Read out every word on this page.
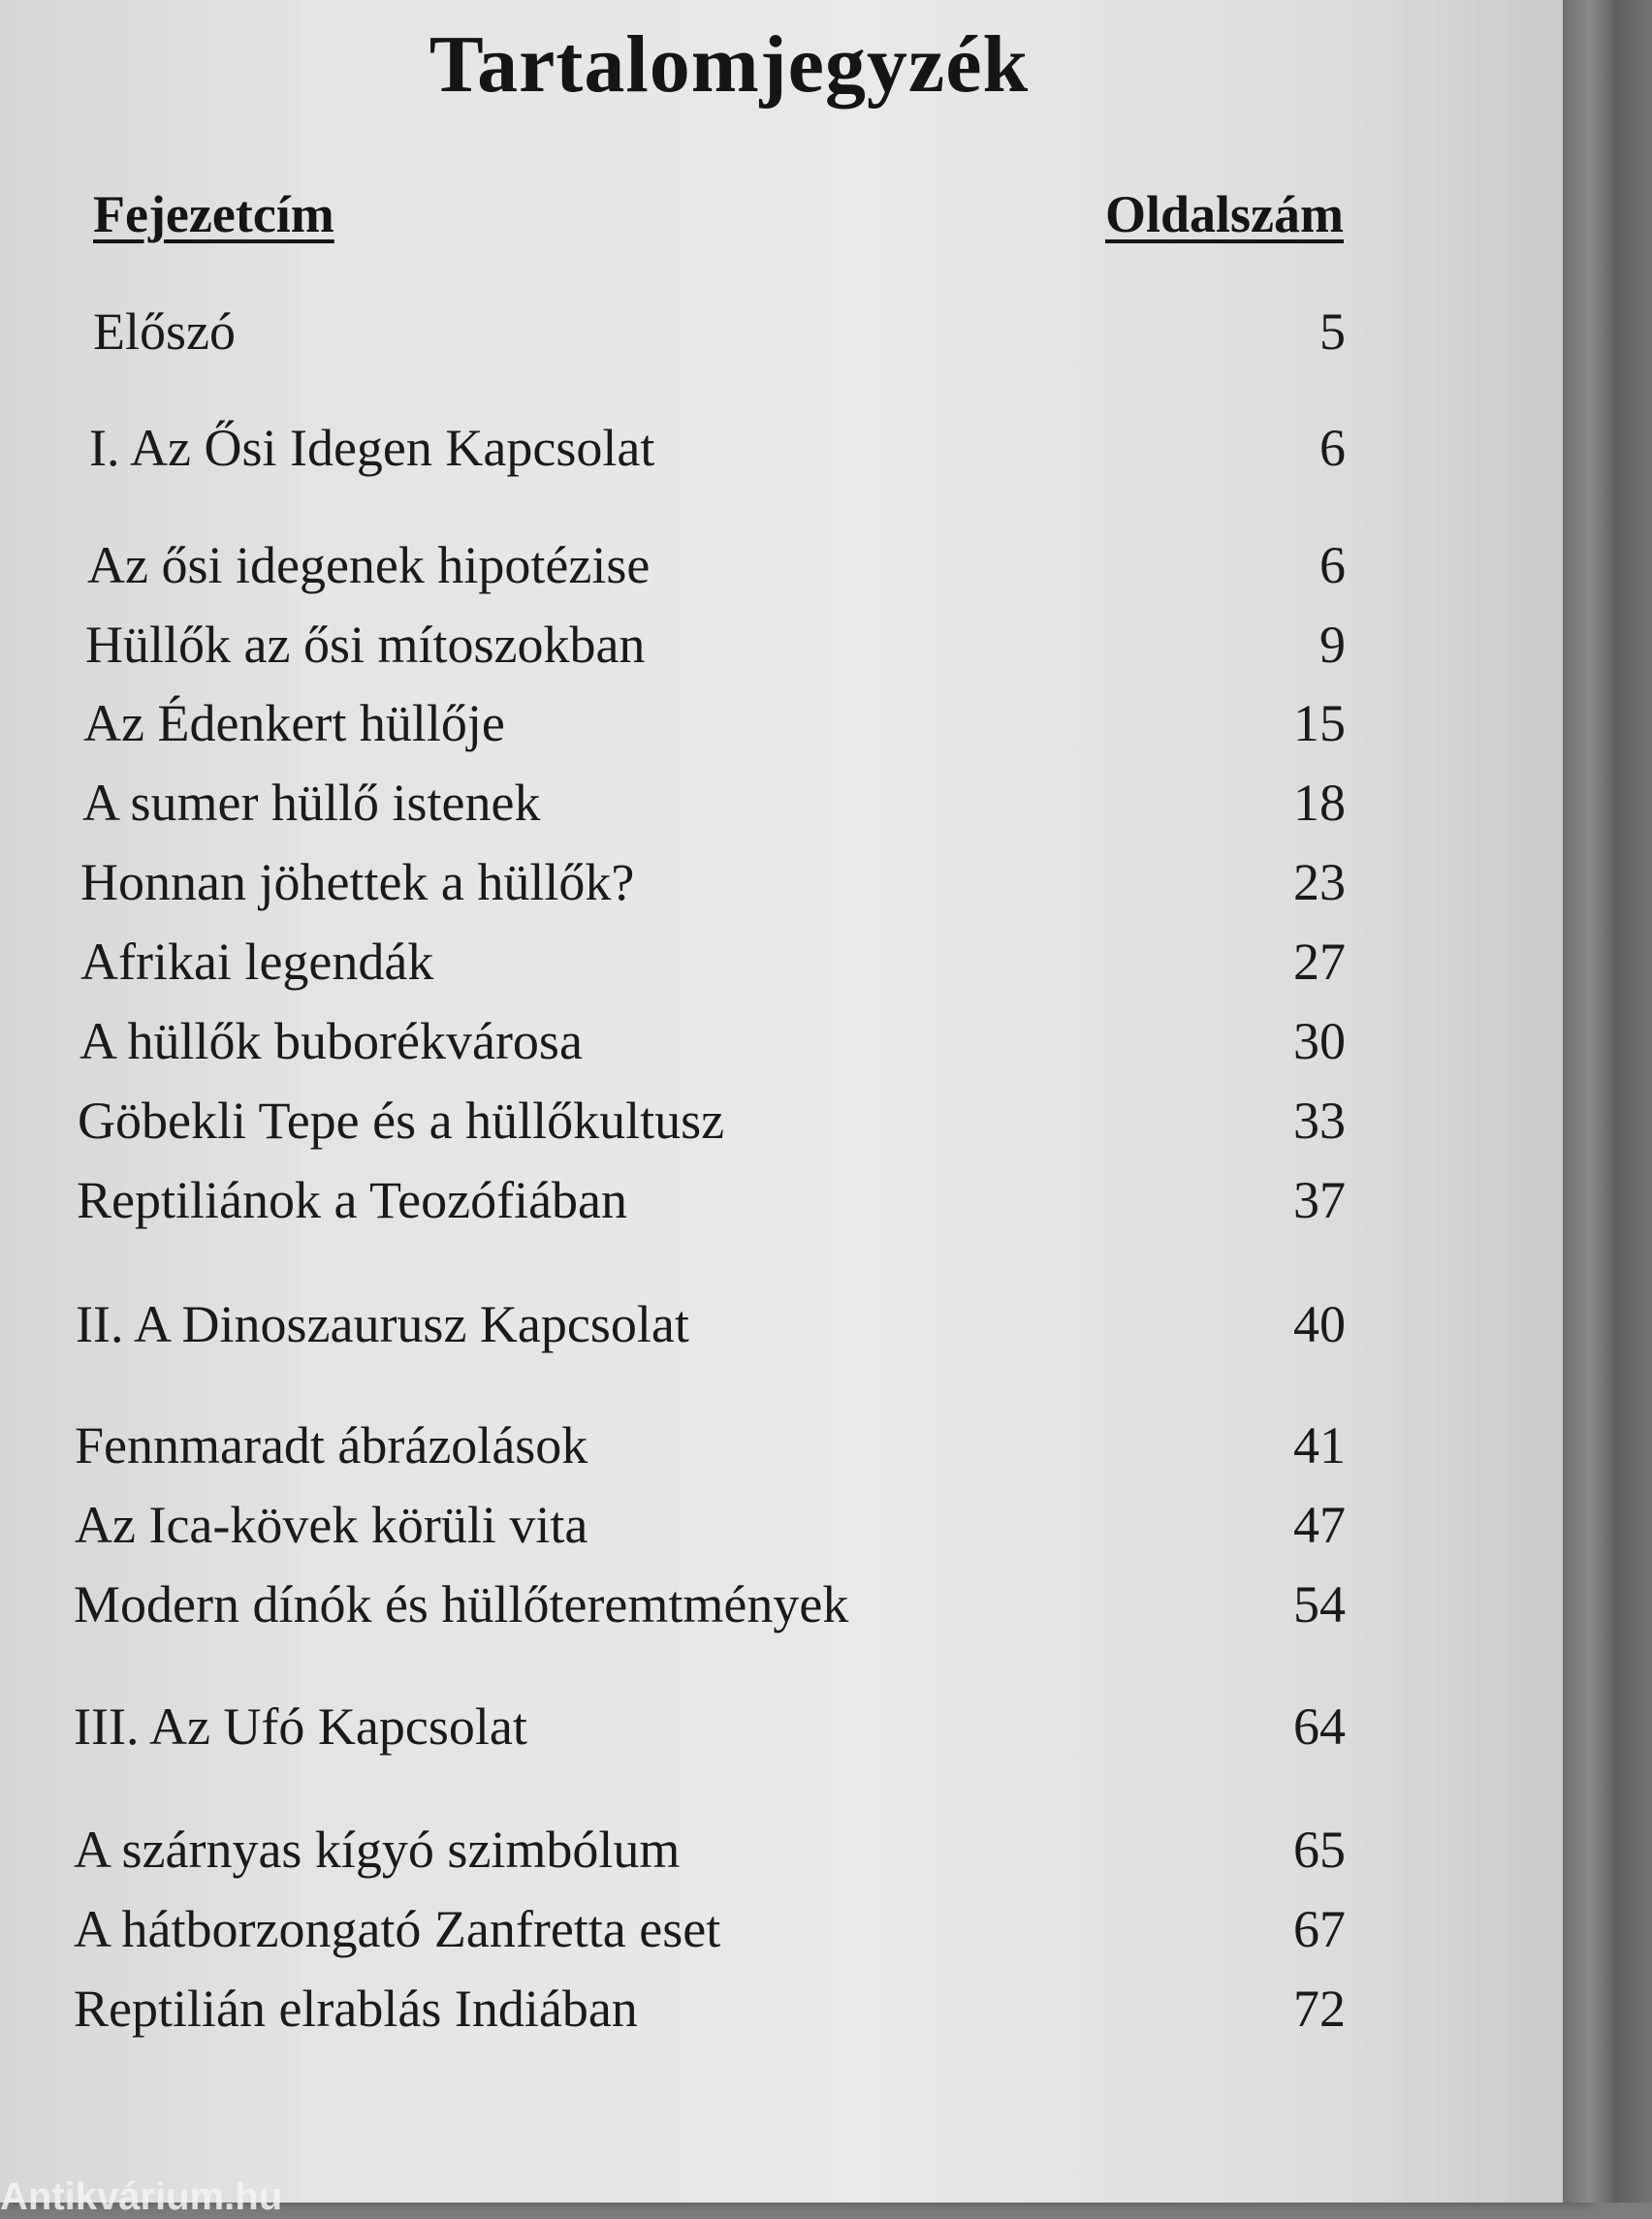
Tartalomjegyzék
Fejezetcím	Oldalszám
Előszó	5
I. Az Ősi Idegen Kapcsolat	6
Az ősi idegenek hipotézise	6
Hüllők az ősi mítoszokban	9
Az Édenkert hüllője	15
A sumer hüllő istenek	18
Honnan jöhettek a hüllők?	23
Afrikai legendák	27
A hüllők buborékvárosa	30
Göbekli Tepe és a hüllőkultusz	33
Reptiliánok a Teozófiában	37
II. A Dinoszaurusz Kapcsolat	40
Fennmaradt ábrázolások	41
Az Ica-kövek körüli vita	47
Modern dínók és hüllőteremtmények	54
III. Az Ufó Kapcsolat	64
A szárnyas kígyó szimbólum	65
A hátborzongató Zanfretta eset	67
Reptilián elrablás Indiában	72
Antikvárium.hu
